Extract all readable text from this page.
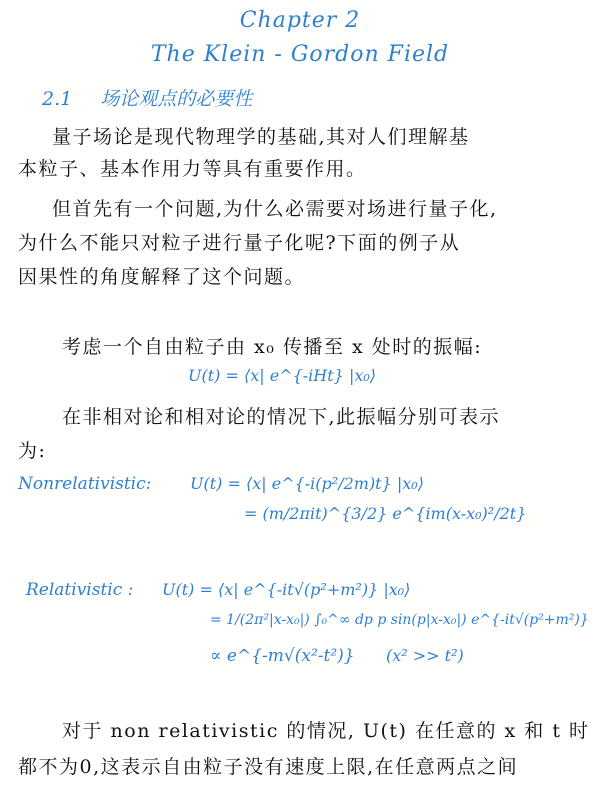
Chapter 2
The Klein - Gordon Field
2.1 场论观点的必要性
量子场论是现代物理学的基础,其对人们理解基
本粒子、基本作用力等具有重要作用。
但首先有一个问题,为什么必需要对场进行量子化,
为什么不能只对粒子进行量子化呢?下面的例子从
因果性的角度解释了这个问题。
考虑一个自由粒子由 x₀ 传播至 x 处时的振幅:
U(t) = ⟨x| e^{-iHt} |x₀⟩
在非相对论和相对论的情况下,此振幅分别可表示
为:
Nonrelativistic: U(t) = ⟨x| e^{-i(p²/2m)t} |x₀⟩
= (m/2πit)^{3/2} e^{im(x-x₀)²/2t}
Relativistic : U(t) = ⟨x| e^{-it√(p²+m²)} |x₀⟩
= 1/(2π²|x-x₀|) ∫₀^∞ dp p sin(p|x-x₀|) e^{-it√(p²+m²)}
∝ e^{-m√(x²-t²)} (x² >> t²)
对于 non relativistic 的情况, U(t) 在任意的 x 和 t 时
都不为0,这表示自由粒子没有速度上限,在任意两点之间
